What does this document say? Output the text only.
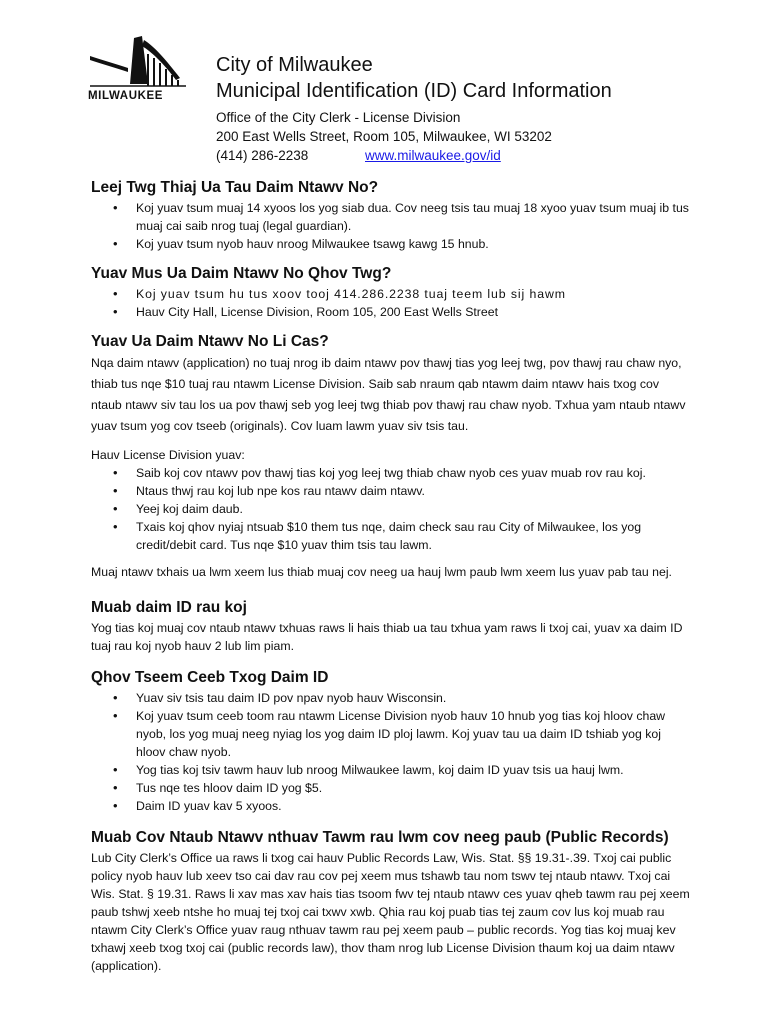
MILWAUKEE
City of Milwaukee
Municipal Identification (ID) Card Information
Office of the City Clerk - License Division
200 East Wells Street, Room 105, Milwaukee, WI 53202
(414) 286-2238	www.milwaukee.gov/id
Leej Twg Thiaj Ua Tau Daim Ntawv No?
• Koj yuav tsum muaj 14 xyoos los yog siab dua. Cov neeg tsis tau muaj 18 xyoo yuav tsum muaj ib tus muaj cai saib nrog tuaj (legal guardian).
• Koj yuav tsum nyob hauv nroog Milwaukee tsawg kawg 15 hnub.
Yuav Mus Ua Daim Ntawv No Qhov Twg?
• Koj yuav tsum hu tus xoov tooj 414.286.2238 tuaj teem lub sij hawm
• Hauv City Hall, License Division, Room 105, 200 East Wells Street
Yuav Ua Daim Ntawv No Li Cas?

Nqa daim ntawv (application) no tuaj nrog ib daim ntawv pov thawj tias yog leej twg, pov thawj rau chaw nyo, thiab tus nqe $10 tuaj rau ntawm License Division. Saib sab nraum qab ntawm daim ntawv hais txog cov ntaub ntawv siv tau los ua pov thawj seb yog leej twg thiab pov thawj rau chaw nyob. Txhua yam ntaub ntawv yuav tsum yog cov tseeb (originals). Cov luam lawm yuav siv tsis tau.

Hauv License Division yuav:

• Saib koj cov ntawv pov thawj tias koj yog leej twg thiab chaw nyob ces yuav muab rov rau koj.
• Ntaus thwj rau koj lub npe kos rau ntawv daim ntawv.
• Yeej koj daim daub.
• Txais koj qhov nyiaj ntsuab $10 them tus nqe, daim check sau rau City of Milwaukee, los yog credit/debit card. Tus nqe $10 yuav thim tsis tau lawm.

Muaj ntawv txhais ua lwm xeem lus thiab muaj cov neeg ua hauj lwm paub lwm xeem lus yuav pab tau nej.

Muab daim ID rau koj

Yog tias koj muaj cov ntaub ntawv txhuas raws li hais thiab ua tau txhua yam raws li txoj cai, yuav xa daim ID tuaj rau koj nyob hauv 2 lub lim piam.

Qhov Tseem Ceeb Txog Daim ID
• Yuav siv tsis tau daim ID pov npav nyob hauv Wisconsin.
• Koj yuav tsum ceeb toom rau ntawm License Division nyob hauv 10 hnub yog tias koj hloov chaw nyob, los yog muaj neeg nyiag los yog daim ID ploj lawm. Koj yuav tau ua daim ID tshiab yog koj hloov chaw nyob.
• Yog tias koj tsiv tawm hauv lub nroog Milwaukee lawm, koj daim ID yuav tsis ua hauj lwm.
• Tus nqe tes hloov daim ID yog $5.
• Daim ID yuav kav 5 xyoos.
Muab Cov Ntaub Ntawv nthuav Tawm rau lwm cov neeg paub (Public Records)

Lub City Clerk’s Office ua raws li txog cai hauv Public Records Law, Wis. Stat. §§ 19.31-.39. Txoj cai public policy nyob hauv lub xeev tso cai dav rau cov pej xeem mus tshawb tau nom tswv tej ntaub ntawv. Txoj cai Wis. Stat. § 19.31. Raws li xav mas xav hais tias tsoom fwv tej ntaub ntawv ces yuav qheb tawm rau pej xeem paub tshwj xeeb ntshe ho muaj tej txoj cai txwv xwb. Qhia rau koj puab tias tej zaum cov lus koj muab rau ntawm City Clerk’s Office yuav raug nthuav tawm rau pej xeem paub – public records. Yog tias koj muaj kev txhawj xeeb txog txoj cai (public records law), thov tham nrog lub License Division thaum koj ua daim ntawv (application).
